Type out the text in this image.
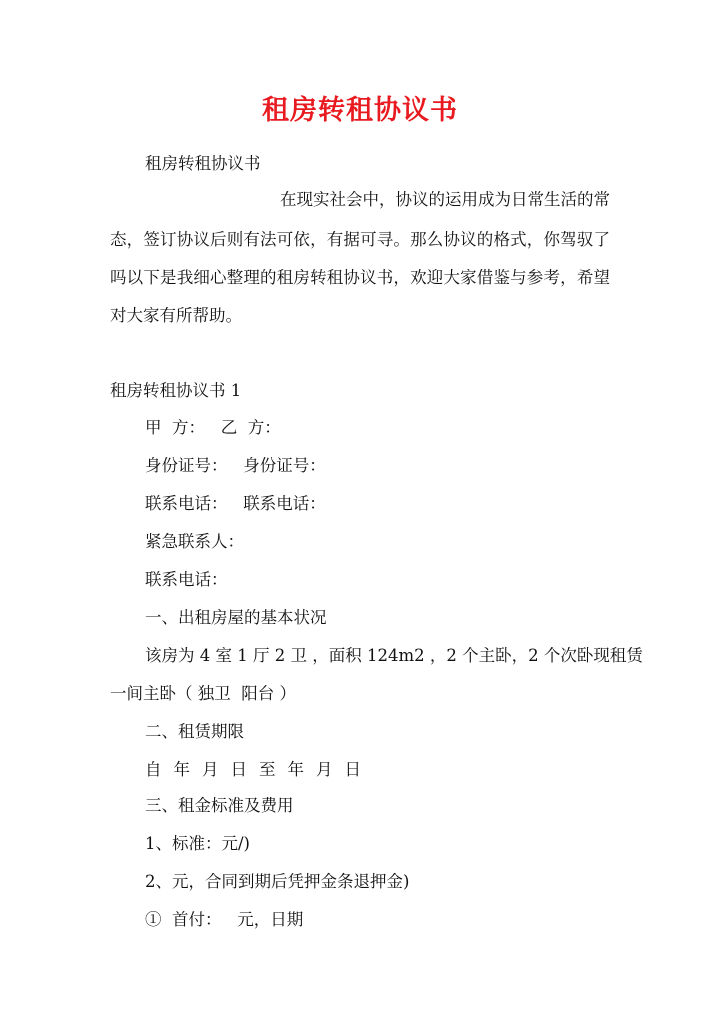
租房转租协议书
租房转租协议书
在现实社会中，协议的运用成为日常生活的常
态，签订协议后则有法可依，有据可寻。那么协议的格式，你驾驭了
吗以下是我细心整理的租房转租协议书，欢迎大家借鉴与参考，希望
对大家有所帮助。
租房转租协议书 1
甲  方：   乙  方：
身份证号：   身份证号：
联系电话：   联系电话：
紧急联系人：
联系电话：
一、出租房屋的基本状况
该房为 4 室 1 厅 2 卫 ，面积 124m2 ，2 个主卧，2 个次卧现租赁
一间主卧（ 独卫  阳台 ）
二、租赁期限
自 年 月 日 至 年 月 日
三、租金标准及费用
1、标准：元/)
2、元，合同到期后凭押金条退押金)
①  首付：   元，日期
